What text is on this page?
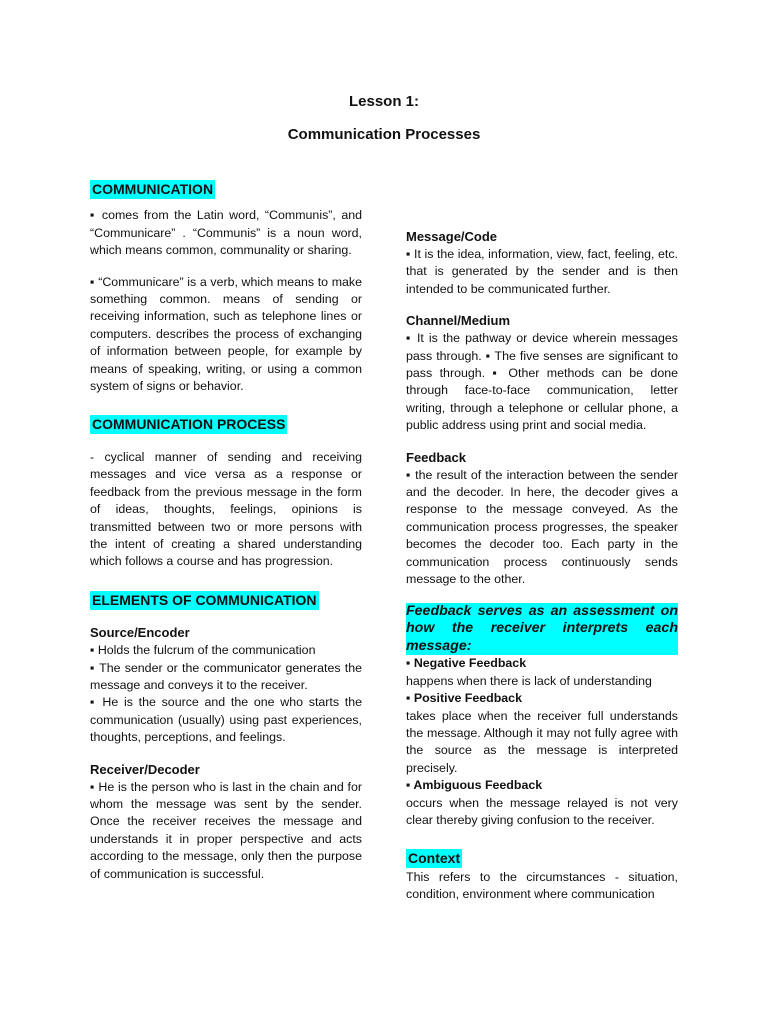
Lesson 1:

Communication Processes

COMMUNICATION

▪ comes from the Latin word, “Communis”, and “Communicare” . “Communis” is a noun word, which means common, communality or sharing.

▪ “Communicare” is a verb, which means to make something common. means of sending or receiving information, such as telephone lines or computers. describes the process of exchanging of information between people, for example by means of speaking, writing, or using a common system of signs or behavior.

COMMUNICATION PROCESS

- cyclical manner of sending and receiving messages and vice versa as a response or feedback from the previous message in the form of ideas, thoughts, feelings, opinions is transmitted between two or more persons with the intent of creating a shared understanding which follows a course and has progression.

ELEMENTS OF COMMUNICATION

Source/Encoder

▪ Holds the fulcrum of the communication

▪ The sender or the communicator generates the message and conveys it to the receiver.

▪ He is the source and the one who starts the communication (usually) using past experiences, thoughts, perceptions, and feelings.

Receiver/Decoder

▪ He is the person who is last in the chain and for whom the message was sent by the sender. Once the receiver receives the message and understands it in proper perspective and acts according to the message, only then the purpose of communication is successful.

Message/Code

▪ It is the idea, information, view, fact, feeling, etc. that is generated by the sender and is then intended to be communicated further.

Channel/Medium

▪ It is the pathway or device wherein messages pass through. ▪ The five senses are significant to pass through. ▪ Other methods can be done through face-to-face communication, letter writing, through a telephone or cellular phone, a public address using print and social media.

Feedback

▪ the result of the interaction between the sender and the decoder. In here, the decoder gives a response to the message conveyed. As the communication process progresses, the speaker becomes the decoder too. Each party in the communication process continuously sends message to the other.

Feedback serves as an assessment on how the receiver interprets each message:

▪ Negative Feedback

happens when there is lack of understanding

▪ Positive Feedback

takes place when the receiver full understands the message. Although it may not fully agree with the source as the message is interpreted precisely.

▪ Ambiguous Feedback

occurs when the message relayed is not very clear thereby giving confusion to the receiver.

Context

This refers to the circumstances - situation, condition, environment where communication
